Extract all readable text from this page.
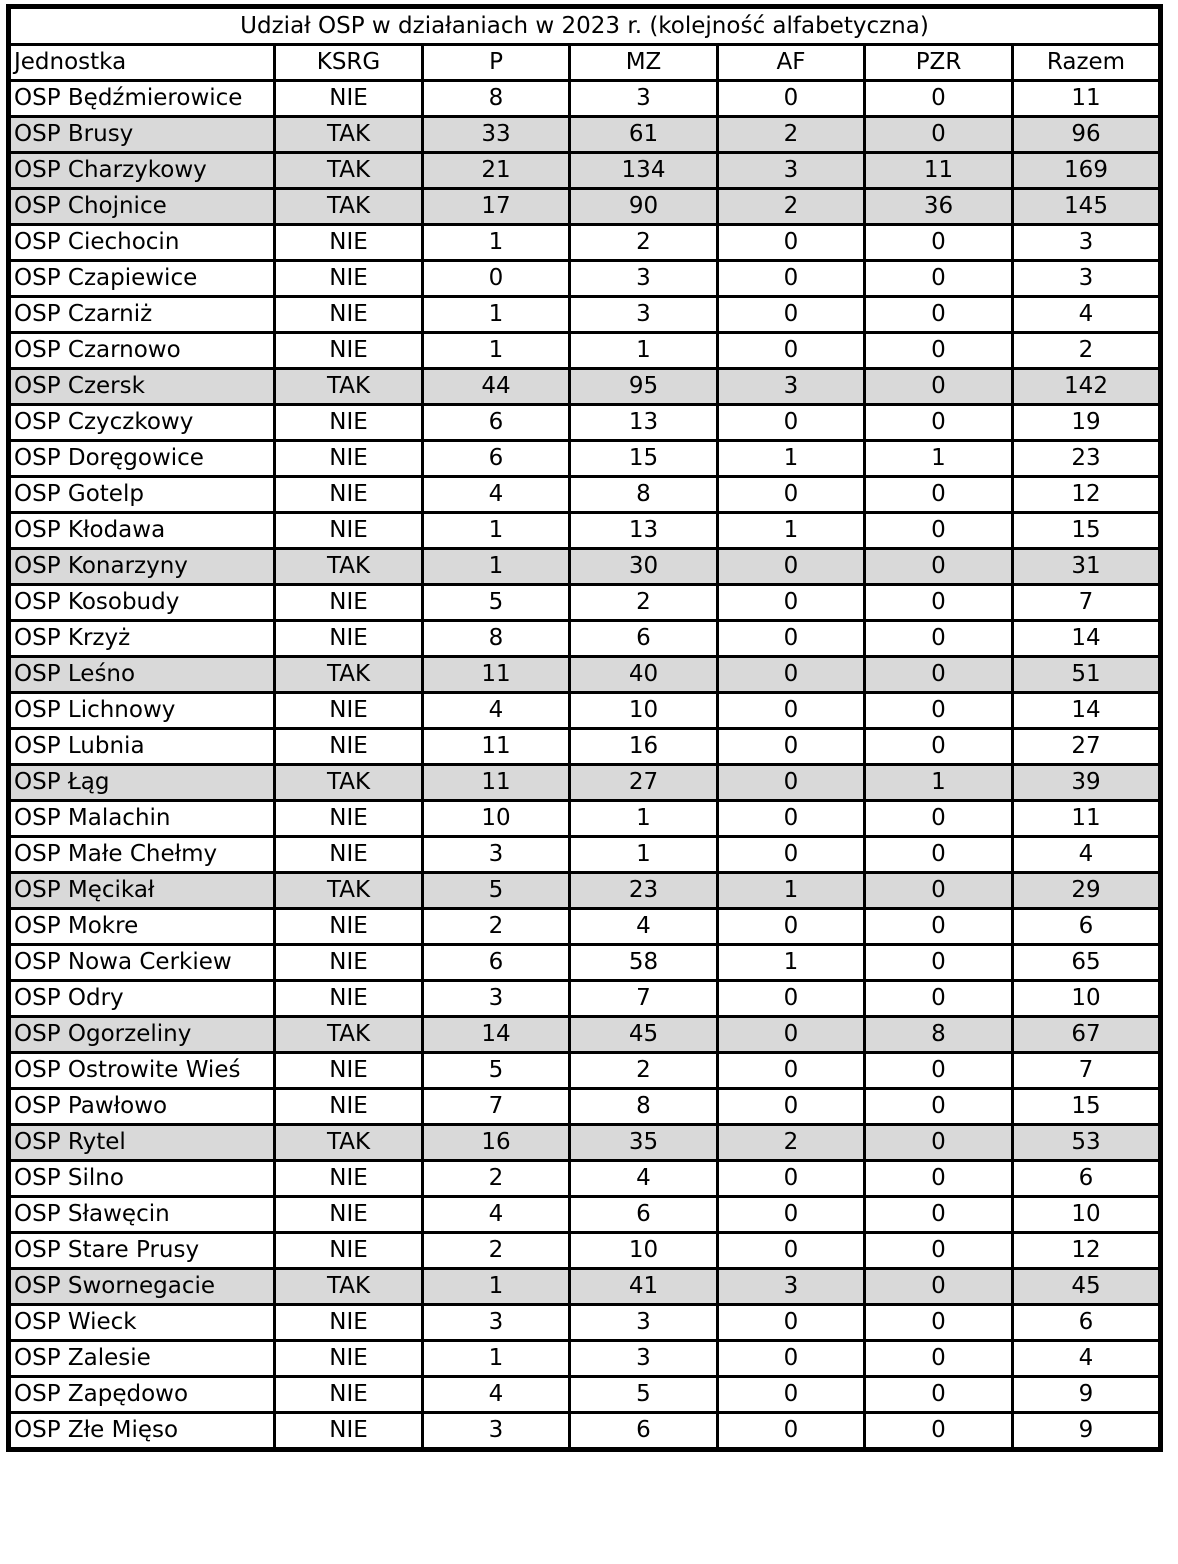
Udział OSP w działaniach w 2023 r. (kolejność alfabetyczna)						
Jednostka	KSRG	P	MZ	AF	PZR	Razem
OSP Będźmierowice	NIE	8	3	0	0	11
OSP Brusy	TAK	33	61	2	0	96
OSP Charzykowy	TAK	21	134	3	11	169
OSP Chojnice	TAK	17	90	2	36	145
OSP Ciechocin	NIE	1	2	0	0	3
OSP Czapiewice	NIE	0	3	0	0	3
OSP Czarniż	NIE	1	3	0	0	4
OSP Czarnowo	NIE	1	1	0	0	2
OSP Czersk	TAK	44	95	3	0	142
OSP Czyczkowy	NIE	6	13	0	0	19
OSP Doręgowice	NIE	6	15	1	1	23
OSP Gotelp	NIE	4	8	0	0	12
OSP Kłodawa	NIE	1	13	1	0	15
OSP Konarzyny	TAK	1	30	0	0	31
OSP Kosobudy	NIE	5	2	0	0	7
OSP Krzyż	NIE	8	6	0	0	14
OSP Leśno	TAK	11	40	0	0	51
OSP Lichnowy	NIE	4	10	0	0	14
OSP Lubnia	NIE	11	16	0	0	27
OSP Łąg	TAK	11	27	0	1	39
OSP Malachin	NIE	10	1	0	0	11
OSP Małe Chełmy	NIE	3	1	0	0	4
OSP Męcikał	TAK	5	23	1	0	29
OSP Mokre	NIE	2	4	0	0	6
OSP Nowa Cerkiew	NIE	6	58	1	0	65
OSP Odry	NIE	3	7	0	0	10
OSP Ogorzeliny	TAK	14	45	0	8	67
OSP Ostrowite Wieś	NIE	5	2	0	0	7
OSP Pawłowo	NIE	7	8	0	0	15
OSP Rytel	TAK	16	35	2	0	53
OSP Silno	NIE	2	4	0	0	6
OSP Sławęcin	NIE	4	6	0	0	10
OSP Stare Prusy	NIE	2	10	0	0	12
OSP Swornegacie	TAK	1	41	3	0	45
OSP Wieck	NIE	3	3	0	0	6
OSP Zalesie	NIE	1	3	0	0	4
OSP Zapędowo	NIE	4	5	0	0	9
OSP Złe Mięso	NIE	3	6	0	0	9
